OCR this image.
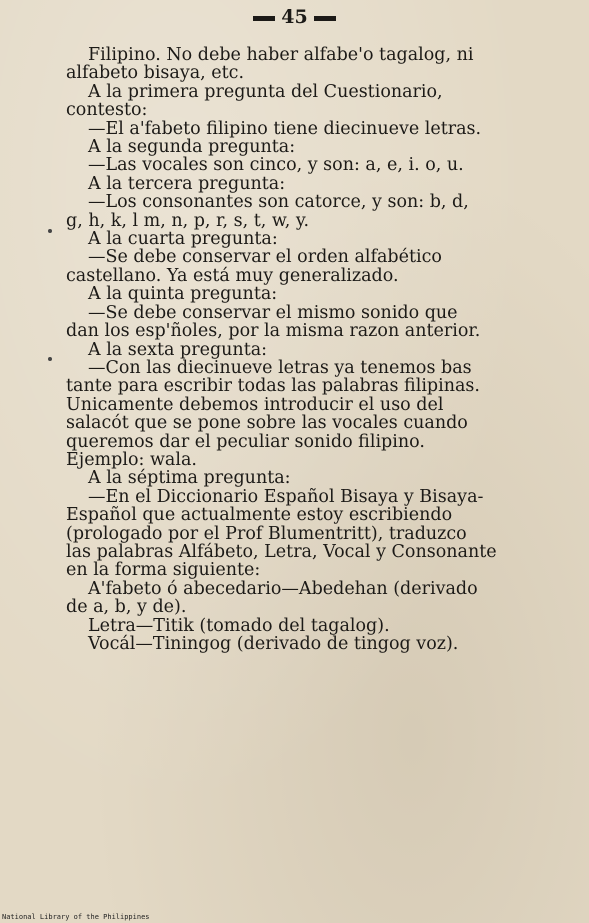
45

Filipino. No debe haber alfabe'o tagalog, ni

alfabeto bisaya, etc.

A la primera pregunta del Cuestionario,

contesto:

—El a'fabeto filipino tiene diecinueve letras.

A la segunda pregunta:

—Las vocales son cinco, y son: a, e, i. o, u.

A la tercera pregunta:

—Los consonantes son catorce, y son: b, d,

g, h, k, l m, n, p, r, s, t, w, y.

A la cuarta pregunta:

—Se debe conservar el orden alfabético

castellano. Ya está muy generalizado.

A la quinta pregunta:

—Se debe conservar el mismo sonido que

dan los esp'ñoles, por la misma razon anterior.

A la sexta pregunta:

—Con las diecinueve letras ya tenemos bas

tante para escribir todas las palabras filipinas.

Unicamente debemos introducir el uso del

salacót que se pone sobre las vocales cuando

queremos dar el peculiar sonido filipino.

Ejemplo: wala.

A la séptima pregunta:

—En el Diccionario Español Bisaya y Bisaya-

Español que actualmente estoy escribiendo

(prologado por el Prof Blumentritt), traduzco

las palabras Alfábeto, Letra, Vocal y Consonante

en la forma siguiente:

A'fabeto ó abecedario—Abedehan (derivado

de a, b, y de).

Letra—Titik (tomado del tagalog).

Vocál—Tiningog (derivado de tingog voz).

National Library of the Philippines
